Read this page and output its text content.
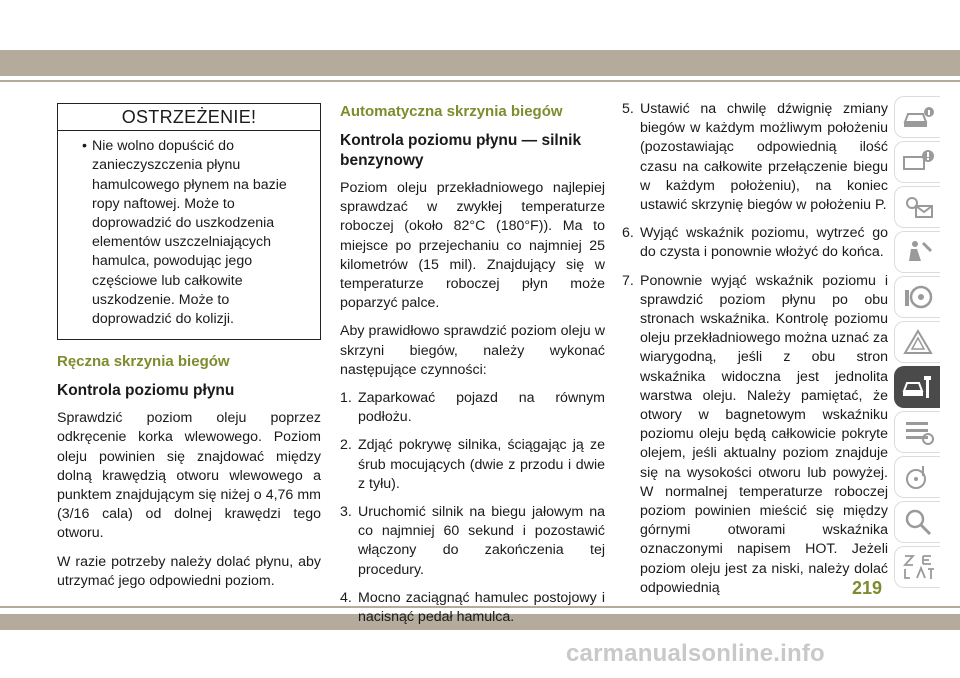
OSTRZEŻENIE!
• Nie wolno dopuścić do zanieczyszczenia płynu hamulcowego płynem na bazie ropy naftowej. Może to doprowadzić do uszkodzenia elementów uszczelniających hamulca, powodując jego częściowe lub całkowite uszkodzenie. Może to doprowadzić do kolizji.
Ręczna skrzynia biegów
Kontrola poziomu płynu

Sprawdzić poziom oleju poprzez odkręcenie korka wlewowego. Poziom oleju powinien się znajdować między dolną krawędzią otworu wlewowego a punktem znajdującym się niżej o 4,76 mm (3/16 cala) od dolnej krawędzi tego otworu.

W razie potrzeby należy dolać płynu, aby utrzymać jego odpowiedni poziom.

Automatyczna skrzynia biegów
Kontrola poziomu płynu — silnik benzynowy

Poziom oleju przekładniowego najlepiej sprawdzać w zwykłej temperaturze roboczej (około 82°C (180°F)). Ma to miejsce po przejechaniu co najmniej 25 kilometrów (15 mil). Znajdujący się w temperaturze roboczej płyn może poparzyć palce.

Aby prawidłowo sprawdzić poziom oleju w skrzyni biegów, należy wykonać następujące czynności:

1. Zaparkować pojazd na równym podłożu.
2. Zdjąć pokrywę silnika, ściągając ją ze śrub mocujących (dwie z przodu i dwie z tyłu).
3. Uruchomić silnik na biegu jałowym na co najmniej 60 sekund i pozostawić włączony do zakończenia tej procedury.
4. Mocno zaciągnąć hamulec postojowy i nacisnąć pedał hamulca.
5. Ustawić na chwilę dźwignię zmiany biegów w każdym możliwym położeniu (pozostawiając odpowiednią ilość czasu na całkowite przełączenie biegu w każdym położeniu), na koniec ustawić skrzynię biegów w położeniu P.
6. Wyjąć wskaźnik poziomu, wytrzeć go do czysta i ponownie włożyć do końca.
7. Ponownie wyjąć wskaźnik poziomu i sprawdzić poziom płynu po obu stronach wskaźnika. Kontrolę poziomu oleju przekładniowego można uznać za wiarygodną, jeśli z obu stron wskaźnika widoczna jest jednolita warstwa oleju. Należy pamiętać, że otwory w bagnetowym wskaźniku poziomu oleju będą całkowicie pokryte olejem, jeśli aktualny poziom znajduje się na wysokości otworu lub powyżej. W normalnej temperaturze roboczej poziom powinien mieścić się między górnymi otworami wskaźnika oznaczonymi napisem HOT. Jeżeli poziom oleju jest za niski, należy dolać odpowiednią	219
carmanualsonline.info
